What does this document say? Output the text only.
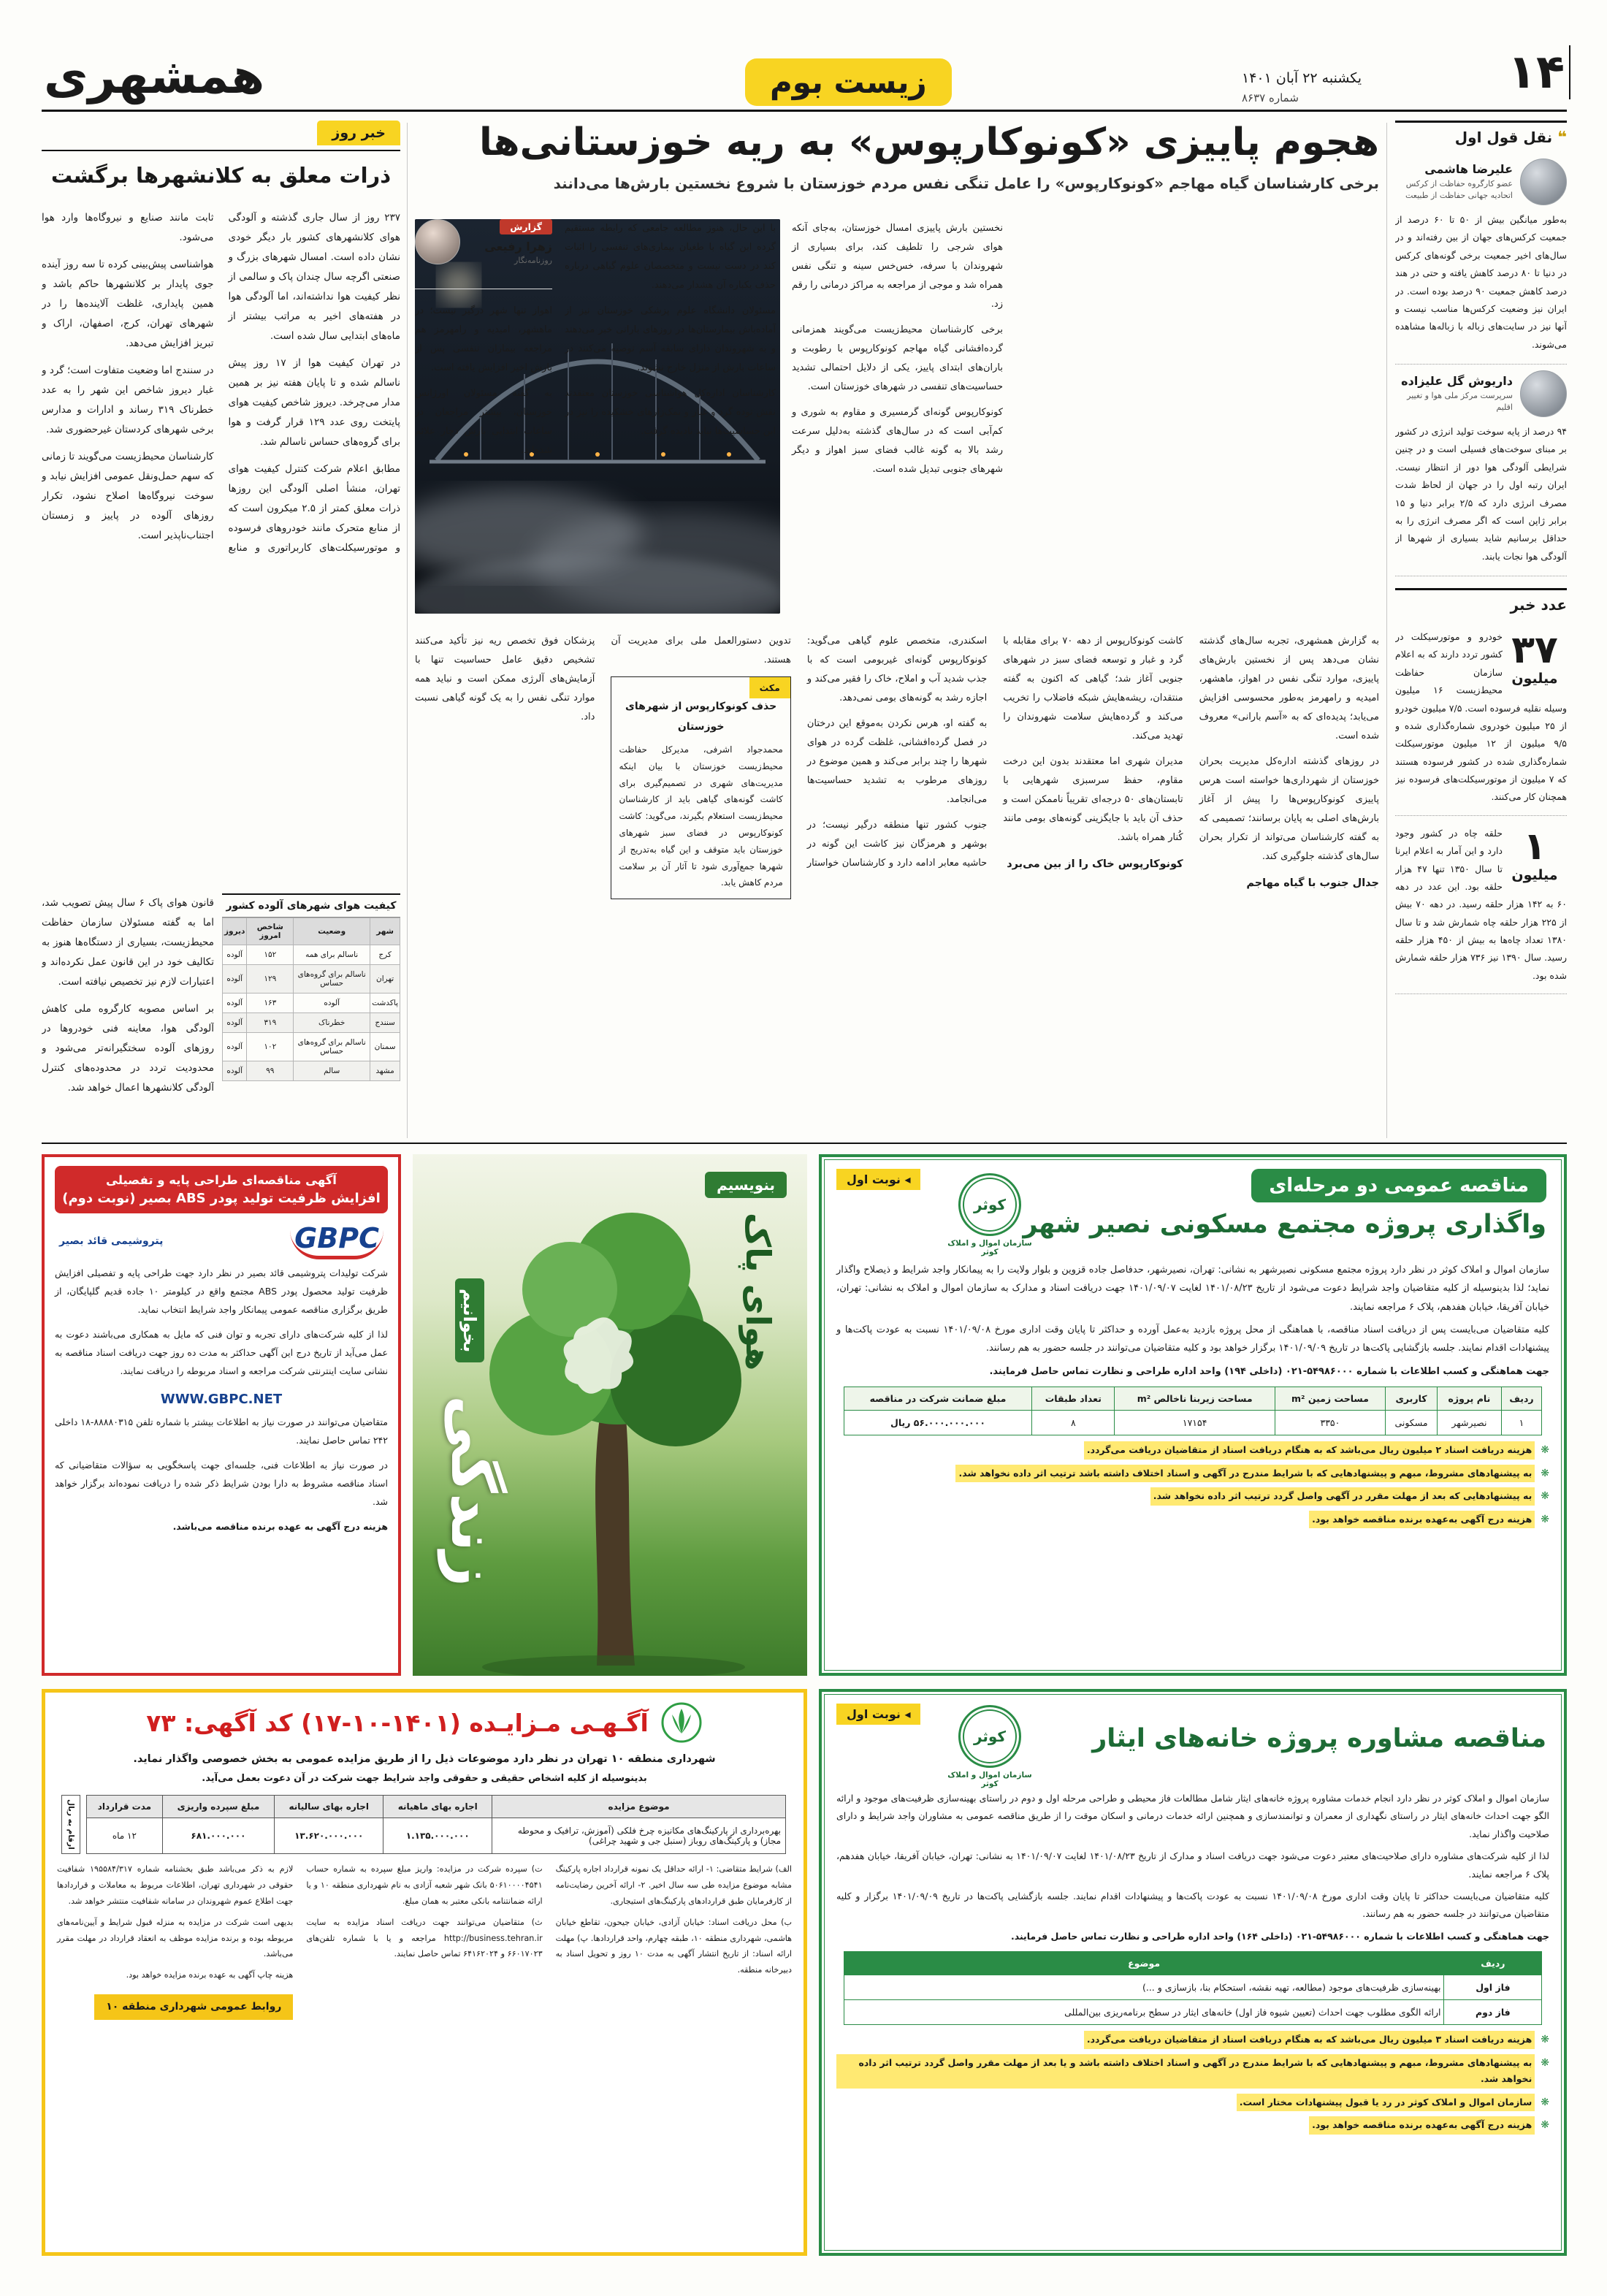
همشهری	زیست بوم	یکشنبه ۲۲ آبان ۱۴۰۱
شماره ۸۶۳۷	۱۴
خبر روز
ذرات معلق به کلانشهرها برگشت

۲۳۷ روز از سال جاری گذشته و آلودگی هوای کلانشهرهای کشور بار دیگر خودی نشان داده است. امسال شهرهای بزرگ و صنعتی اگرچه سال چندان پاک و سالمی از نظر کیفیت هوا نداشته‌اند، اما آلودگی هوا در هفته‌های اخیر به مراتب بیشتر از ماه‌های ابتدایی سال شده است.

در تهران کیفیت هوا از ۱۷ روز پیش ناسالم شده و تا پایان هفته نیز بر همین مدار می‌چرخد. دیروز شاخص کیفیت هوای پایتخت روی عدد ۱۲۹ قرار گرفت و هوا برای گروه‌های حساس ناسالم شد.

مطابق اعلام شرکت کنترل کیفیت هوای تهران، منشأ اصلی آلودگی این روزها ذرات معلق کمتر از ۲.۵ میکرون است که از منابع متحرک مانند خودروهای فرسوده و موتورسیکلت‌های کاربراتوری و منابع ثابت مانند صنایع و نیروگاه‌ها وارد هوا می‌شود.

هواشناسی پیش‌بینی کرده تا سه روز آینده جوی پایدار بر کلانشهرها حاکم باشد و همین پایداری، غلظت آلاینده‌ها را در شهرهای تهران، کرج، اصفهان، اراک و تبریز افزایش می‌دهد.

در سنندج اما وضعیت متفاوت است؛ گرد و غبار دیروز شاخص این شهر را به عدد خطرناک ۳۱۹ رساند و ادارات و مدارس برخی شهرهای کردستان غیرحضوری شد.

کارشناسان محیط‌زیست می‌گویند تا زمانی که سهم حمل‌ونقل عمومی افزایش نیابد و سوخت نیروگاه‌ها اصلاح نشود، تکرار روزهای آلوده در پاییز و زمستان اجتناب‌ناپذیر است.

قانون هوای پاک ۶ سال پیش تصویب شد، اما به گفته مسئولان سازمان حفاظت محیط‌زیست، بسیاری از دستگاه‌ها هنوز به تکالیف خود در این قانون عمل نکرده‌اند و اعتبارات لازم نیز تخصیص نیافته است.

بر اساس مصوبه کارگروه ملی کاهش آلودگی هوا، معاینه فنی خودروها در روزهای آلوده سختگیرانه‌تر می‌شود و محدودیت تردد در محدوده‌های کنترل آلودگی کلانشهرها اعمال خواهد شد.

کیفیت هوای شهرهای آلوده کشور
شهر	وضعیت	شاخص امروز	دیروز
کرج	ناسالم برای همه	۱۵۲	آلوده
تهران	ناسالم برای گروه‌های حساس	۱۲۹	آلوده
پاکدشت	آلوده	۱۶۳	آلوده
سنندج	خطرناک	۳۱۹	آلوده
سمنان	ناسالم برای گروه‌های حساس	۱۰۲	آلوده
مشهد	سالم	۹۹	آلوده
هجوم پاییزی «کونوکارپوس» به ریه خوزستانی‌ها
برخی کارشناسان گیاه مهاجم «کونوکارپوس» را عامل تنگی نفس مردم خوزستان با شروع نخستین بارش‌ها می‌دانند
گزارش
زهرا رفیعی
روزنامه‌نگار

نخستین بارش پاییزی امسال خوزستان، به‌جای آنکه هوای شرجی را تلطیف کند، برای بسیاری از شهروندان با سرفه، خس‌خس سینه و تنگی نفس همراه شد و موجی از مراجعه به مراکز درمانی را رقم زد.

برخی کارشناسان محیط‌زیست می‌گویند همزمانی گرده‌افشانی گیاه مهاجم کونوکارپوس با رطوبت و باران‌های ابتدای پاییز، یکی از دلایل احتمالی تشدید حساسیت‌های تنفسی در شهرهای خوزستان است.

کونوکارپوس گونه‌ای گرمسیری و مقاوم به شوری و کم‌آبی است که در سال‌های گذشته به‌دلیل سرعت رشد بالا به گونه غالب فضای سبز اهواز و دیگر شهرهای جنوبی تبدیل شده است.

با این حال، هنوز مطالعه جامعی که رابطه مستقیم گرده این گیاه با طغیان بیماری‌های تنفسی را اثبات کند در دست نیست و متخصصان علوم گیاهی درباره حذف یکباره آن هشدار می‌دهند.

مسئولان دانشگاه علوم پزشکی خوزستان نیز از آماده‌باش بیمارستان‌ها در روزهای بارانی خبر می‌دهند و به شهروندان دارای سابقه آسم توصیه می‌کنند در ساعات بارش از منزل خارج نشوند.

کارشناسان اداره‌کل هواشناسی خوزستان معتقدند نقش توده گرد و غبار و نمک‌زارهای خشکیده را نیز در این حساسیت‌ها نباید نادیده گرفت.

اهواز تنها شهر درگیر نیست؛ در ماهشهر، امیدیه و رامهرمز هم مراجعه بیماران تنفسی پس از بارش اخیر افزایش یافته است.

به گفته مسئولان اورژانس خوزستان، بیشتر مراجعان در ساعات ابتدایی بارش دچار علائم شده‌اند.

به گزارش همشهری، تجربه سال‌های گذشته نشان می‌دهد پس از نخستین بارش‌های پاییزی، موارد تنگی نفس در اهواز، ماهشهر، امیدیه و رامهرمز به‌طور محسوسی افزایش می‌یابد؛ پدیده‌ای که به «آسم بارانی» معروف شده است.

در روزهای گذشته اداره‌کل مدیریت بحران خوزستان از شهرداری‌ها خواسته است هرس پاییزی کونوکارپوس‌ها را پیش از آغاز بارش‌های اصلی به پایان برسانند؛ تصمیمی که به گفته کارشناسان می‌تواند از تکرار بحران سال‌های گذشته جلوگیری کند.

جدال جنوب با گیاه مهاجم

کاشت کونوکارپوس از دهه ۷۰ برای مقابله با گرد و غبار و توسعه فضای سبز در شهرهای جنوبی آغاز شد؛ گیاهی که اکنون به گفته منتقدان، ریشه‌هایش شبکه فاضلاب را تخریب می‌کند و گرده‌هایش سلامت شهروندان را تهدید می‌کند.

مدیران شهری اما معتقدند بدون این درخت مقاوم، حفظ سرسبزی شهرهایی با تابستان‌های ۵۰ درجه‌ای تقریباً ناممکن است و حذف آن باید با جایگزینی گونه‌های بومی مانند کُنار همراه باشد.

کونوکارپوس خاک را از بین می‌برد

اسکندری، متخصص علوم گیاهی می‌گوید: کونوکارپوس گونه‌ای غیربومی است که با جذب شدید آب و املاح، خاک را فقیر می‌کند و اجازه رشد به گونه‌های بومی نمی‌دهد.

به گفته او، هرس نکردن به‌موقع این درختان در فصل گرده‌افشانی، غلظت گرده در هوای شهرها را چند برابر می‌کند و همین موضوع در روزهای مرطوب به تشدید حساسیت‌ها می‌انجامد.

جنوب کشور تنها منطقه درگیر نیست؛ در بوشهر و هرمزگان نیز کاشت این گونه در حاشیه معابر ادامه دارد و کارشناسان خواستار تدوین دستورالعمل ملی برای مدیریت آن هستند.

مکث
حذف کونوکارپوس از شهرهای خوزستان
محمدجواد اشرفی، مدیرکل حفاظت محیط‌زیست خوزستان با بیان اینکه مدیریت‌های شهری در تصمیم‌گیری برای کاشت گونه‌های گیاهی باید از کارشناسان محیط‌زیست استعلام بگیرند، می‌گوید: کاشت کونوکارپوس در فضای سبز شهرهای خوزستان باید متوقف و این گیاه به‌تدریج از شهرها جمع‌آوری شود تا آثار آن بر سلامت مردم کاهش یابد.

پزشکان فوق تخصص ریه نیز تأکید می‌کنند تشخیص دقیق عامل حساسیت تنها با آزمایش‌های آلرژی ممکن است و نباید همه موارد تنگی نفس را به یک گونه گیاهی نسبت داد.

❝ نقل قول اول
علیرضا هاشمی
عضو کارگروه حفاظت از کرکس اتحادیه جهانی حفاظت از طبیعت
به‌طور میانگین بیش از ۵۰ تا ۶۰ درصد از جمعیت کرکس‌های جهان از بین رفته‌اند و در سال‌های اخیر جمعیت برخی گونه‌های کرکس در دنیا تا ۸۰ درصد کاهش یافته و حتی در هند درصد کاهش جمعیت ۹۰ درصد بوده است. در ایران نیز وضعیت کرکس‌ها مناسب نیست و آنها نیز در سایت‌های زباله با زباله‌ها مشاهده می‌شوند.
داریوش گل علیزاده
سرپرست مرکز ملی هوا و تغییر اقلیم
۹۴ درصد از پایه سوخت تولید انرژی در کشور بر مبنای سوخت‌های فسیلی است و در چنین شرایطی آلودگی هوا دور از انتظار نیست. ایران رتبه اول را در جهان از لحاظ شدت مصرف انرژی دارد که ۲/۵ برابر دنیا و ۱۵ برابر ژاپن است که اگر مصرف انرژی را به حداقل برسانیم شاید بسیاری از شهرها از آلودگی هوا نجات یابند.
عدد خبر
۳۷
میلیون
خودرو و موتورسیکلت در کشور تردد دارند که به اعلام سازمان حفاظت محیط‌زیست ۱۶ میلیون وسیله نقلیه فرسوده است. ۷/۵ میلیون خودرو از ۲۵ میلیون خودروی شماره‌گذاری شده و ۹/۵ میلیون از ۱۲ میلیون موتورسیکلت شماره‌گذاری شده در کشور فرسوده هستند که ۷ میلیون از موتورسیکلت‌های فرسوده نیز همچنان کار می‌کنند.
۱
میلیون
حلقه چاه در کشور وجود دارد و این آمار به اعلام ایرنا تا سال ۱۳۵۰ تنها ۴۷ هزار حلقه بود. این عدد در دهه ۶۰ به ۱۴۲ هزار حلقه رسید. در دهه ۷۰ بیش از ۲۲۵ هزار حلقه چاه شمارش شد و تا سال ۱۳۸۰ تعداد چاه‌ها به بیش از ۴۵۰ هزار حلقه رسید. سال ۱۳۹۰ نیز ۷۳۶ هزار حلقه شمارش شده بود.
آگهی مناقصه‌ای طراحی پایه و تفصیلی
افزایش ظرفیت تولید پودر ABS بصیر (نوبت دوم)
GBPC
پتروشیمی قائد بصیر

شرکت تولیدات پتروشیمی قائد بصیر در نظر دارد جهت طراحی پایه و تفصیلی افزایش ظرفیت تولید محصول پودر ABS مجتمع واقع در کیلومتر ۱۰ جاده قدیم گلپایگان، از طریق برگزاری مناقصه عمومی پیمانکار واجد شرایط انتخاب نماید.

لذا از کلیه شرکت‌های دارای تجربه و توان فنی که مایل به همکاری می‌باشند دعوت به عمل می‌آید از تاریخ درج این آگهی حداکثر به مدت ده روز جهت دریافت اسناد مناقصه به نشانی سایت اینترنتی شرکت مراجعه و اسناد مربوطه را دریافت نمایند.

WWW.GBPC.NET

متقاضیان می‌توانند در صورت نیاز به اطلاعات بیشتر با شماره تلفن ۸۸۸۸۰۳۱۵-۱۸ داخلی ۲۴۲ تماس حاصل نمایند.

در صورت نیاز به اطلاعات فنی، جلسه‌ای جهت پاسخگویی به سؤالات متقاضیانی که اسناد مناقصه مشروط به دارا بودن شرایط ذکر شده را دریافت نموده‌اند برگزار خواهد شد.

هزینه درج آگهی به عهده برنده مناقصه می‌باشد.

بنویسیم
هوای پاک
بخوانیم
زندگی
◂ نوبت اول
کوثر
سازمان اموال و املاک کوثر
مناقصه عمومی دو مرحله‌ای
واگذاری پروژه مجتمع مسکونی نصیر شهر

سازمان اموال و املاک کوثر در نظر دارد پروژه مجتمع مسکونی نصیرشهر به نشانی: تهران، نصیرشهر، حدفاصل جاده قزوین و بلوار ولایت را به پیمانکار واجد شرایط و ذیصلاح واگذار نماید؛ لذا بدینوسیله از کلیه متقاضیان واجد شرایط دعوت می‌شود از تاریخ ۱۴۰۱/۰۸/۲۳ لغایت ۱۴۰۱/۰۹/۰۷ جهت دریافت اسناد و مدارک به سازمان اموال و املاک به نشانی: تهران، خیابان آفریقا، خیابان هفدهم، پلاک ۶ مراجعه نمایند.

کلیه متقاضیان می‌بایست پس از دریافت اسناد مناقصه، با هماهنگی از محل پروژه بازدید به‌عمل آورده و حداکثر تا پایان وقت اداری مورخ ۱۴۰۱/۰۹/۰۸ نسبت به عودت پاکت‌ها و پیشنهادات اقدام نمایند. جلسه بازگشایی پاکت‌ها در تاریخ ۱۴۰۱/۰۹/۰۹ برگزار خواهد بود و کلیه متقاضیان می‌توانند در جلسه حضور به هم رسانند.

جهت هماهنگی و کسب اطلاعات با شماره ۵۴۹۸۶۰۰۰-۰۲۱ (داخلی ۱۹۴) واحد اداره طراحی و نظارت تماس حاصل فرمایند.

ردیف	نام پروژه	کاربری	مساحت زمین m²	مساحت زیربنا ناخالص m²	تعداد طبقات	مبلغ ضمانت شرکت در مناقصه
۱	نصیرشهر	مسکونی	۳۳۵۰	۱۷۱۵۴	۸	۵۶.۰۰۰.۰۰۰.۰۰۰ ریال
❋
هزینه دریافت اسناد ۲ میلیون ریال می‌باشد که به هنگام دریافت اسناد از متقاضیان دریافت می‌گردد.
❋
به پیشنهادهای مشروط، مبهم و پیشنهادهایی که با شرایط مندرج در آگهی و اسناد اختلاف داشته باشد ترتیب اثر داده نخواهد شد.
❋
به پیشنهادهایی که بعد از مهلت مقرر در آگهی واصل گردد ترتیب اثر داده نخواهد شد.
❋
هزینه درج آگهی به‌عهده برنده مناقصه خواهد بود.
آگـهـی مـزایـده (۱۴۰۱-۱۰-۱۷) کد آگهی: ۷۳
شهرداری منطقه ۱۰ تهران در نظر دارد موضوعات ذیل را از طریق مزایده عمومی به بخش خصوصی واگذار نماید.
بدینوسیله از کلیه اشخاص حقیقی و حقوقی واجد شرایط جهت شرکت در آن دعوت بعمل می‌آید.
ارقام به ریال	موضوع مزایده	اجاره بهای ماهیانه	اجاره بهای سالیانه	مبلغ سپرده واریزی	مدت قرارداد
بهره‌برداری از پارکینگ‌های مکانیزه چرخ فلکی (آموزش، ترافیک و محوطه مجاز) و پارکینگ‌های روباز (سنبل جی و شهید چراغی)	۱.۱۳۵.۰۰۰.۰۰۰	۱۳.۶۲۰.۰۰۰.۰۰۰	۶۸۱.۰۰۰.۰۰۰	۱۲ ماه

الف) شرایط متقاضی: ۱- ارائه حداقل یک نمونه قرارداد اجاره پارکینگ مشابه موضوع مزایده طی سه سال اخیر. ۲- ارائه آخرین رضایت‌نامه از کارفرمایان طبق قراردادهای پارکینگ‌های استیجاری.

ب) محل دریافت اسناد: خیابان آزادی، خیابان جیحون، تقاطع خیابان هاشمی، شهرداری منطقه ۱۰، طبقه چهارم، واحد قراردادها. پ) مهلت ارائه اسناد: از تاریخ انتشار آگهی به مدت ۱۰ روز و تحویل اسناد به دبیرخانه منطقه.

ت) سپرده شرکت در مزایده: واریز مبلغ سپرده به شماره حساب ۵۰۶۱۰۰۰۰۴۵۴۱ بانک شهر شعبه آزادی به نام شهرداری منطقه ۱۰ و یا ارائه ضمانتنامه بانکی معتبر به همان مبلغ.

ث) متقاضیان می‌توانند جهت دریافت اسناد مزایده به سایت http://business.tehran.ir مراجعه و یا با شماره تلفن‌های ۶۶۰۱۷۰۲۳ و ۶۴۱۶۲۰۲۴ تماس حاصل نمایند.

لازم به ذکر می‌باشد طبق بخشنامه شماره ۱۹۵۵۸۴/۳۱۷ شفافیت حقوقی در شهرداری تهران، اطلاعات مربوط به معاملات و قراردادها جهت اطلاع عموم شهروندان در سامانه شفافیت منتشر خواهد شد.

بدیهی است شرکت در مزایده به منزله قبول شرایط و آیین‌نامه‌های مربوطه بوده و برنده مزایده موظف به انعقاد قرارداد در مهلت مقرر می‌باشد.

هزینه چاپ آگهی به عهده برنده مزایده خواهد بود.

روابط عمومی شهرداری منطقه ۱۰
◂ نوبت اول
کوثر
سازمان اموال و املاک کوثر
مناقصه مشاوره پروژه خانه‌های ایثار

سازمان اموال و املاک کوثر در نظر دارد انجام خدمات مشاوره پروژه خانه‌های ایثار شامل مطالعات فاز محیطی و طراحی مرحله اول و دوم در راستای بهینه‌سازی ظرفیت‌های موجود و ارائه الگو جهت احداث خانه‌های ایثار در راستای نگهداری از معمران و توانمندسازی و همچنین ارائه خدمات درمانی و اسکان موقت را از طریق مناقصه عمومی به مشاوران واجد شرایط و دارای صلاحیت واگذار نماید.

لذا از کلیه شرکت‌های مشاوره دارای صلاحیت‌های معتبر دعوت می‌شود جهت دریافت اسناد و مدارک از تاریخ ۱۴۰۱/۰۸/۲۳ لغایت ۱۴۰۱/۰۹/۰۷ به نشانی: تهران، خیابان آفریقا، خیابان هفدهم، پلاک ۶ مراجعه نمایند.

کلیه متقاضیان می‌بایست حداکثر تا پایان وقت اداری مورخ ۱۴۰۱/۰۹/۰۸ نسبت به عودت پاکت‌ها و پیشنهادات اقدام نمایند. جلسه بازگشایی پاکت‌ها در تاریخ ۱۴۰۱/۰۹/۰۹ برگزار و کلیه متقاضیان می‌توانند در جلسه حضور به هم رسانند.

جهت هماهنگی و کسب اطلاعات با شماره ۵۴۹۸۶۰۰۰-۰۲۱ (داخلی ۱۶۴) واحد اداره طراحی و نظارت تماس حاصل فرمایند.

ردیف	موضوع
فاز اول	بهینه‌سازی ظرفیت‌های موجود (مطالعه، تهیه نقشه، استحکام بنا، بازسازی و ...)
فاز دوم	ارائه الگوی مطلوب جهت احداث (تعیین شیوه فاز اول) خانه‌های ایثار در سطح برنامه‌ریزی بین‌المللی
❋
هزینه دریافت اسناد ۳ میلیون ریال می‌باشد که به هنگام دریافت اسناد از متقاضیان دریافت می‌گردد.
❋
به پیشنهادهای مشروط، مبهم و پیشنهادهایی که با شرایط مندرج در آگهی و اسناد اختلاف داشته باشد و یا بعد از مهلت مقرر واصل گردد ترتیب اثر داده نخواهد شد.
❋
سازمان اموال و املاک کوثر در رد یا قبول پیشنهادات مختار است.
❋
هزینه درج آگهی به‌عهده برنده مناقصه خواهد بود.
